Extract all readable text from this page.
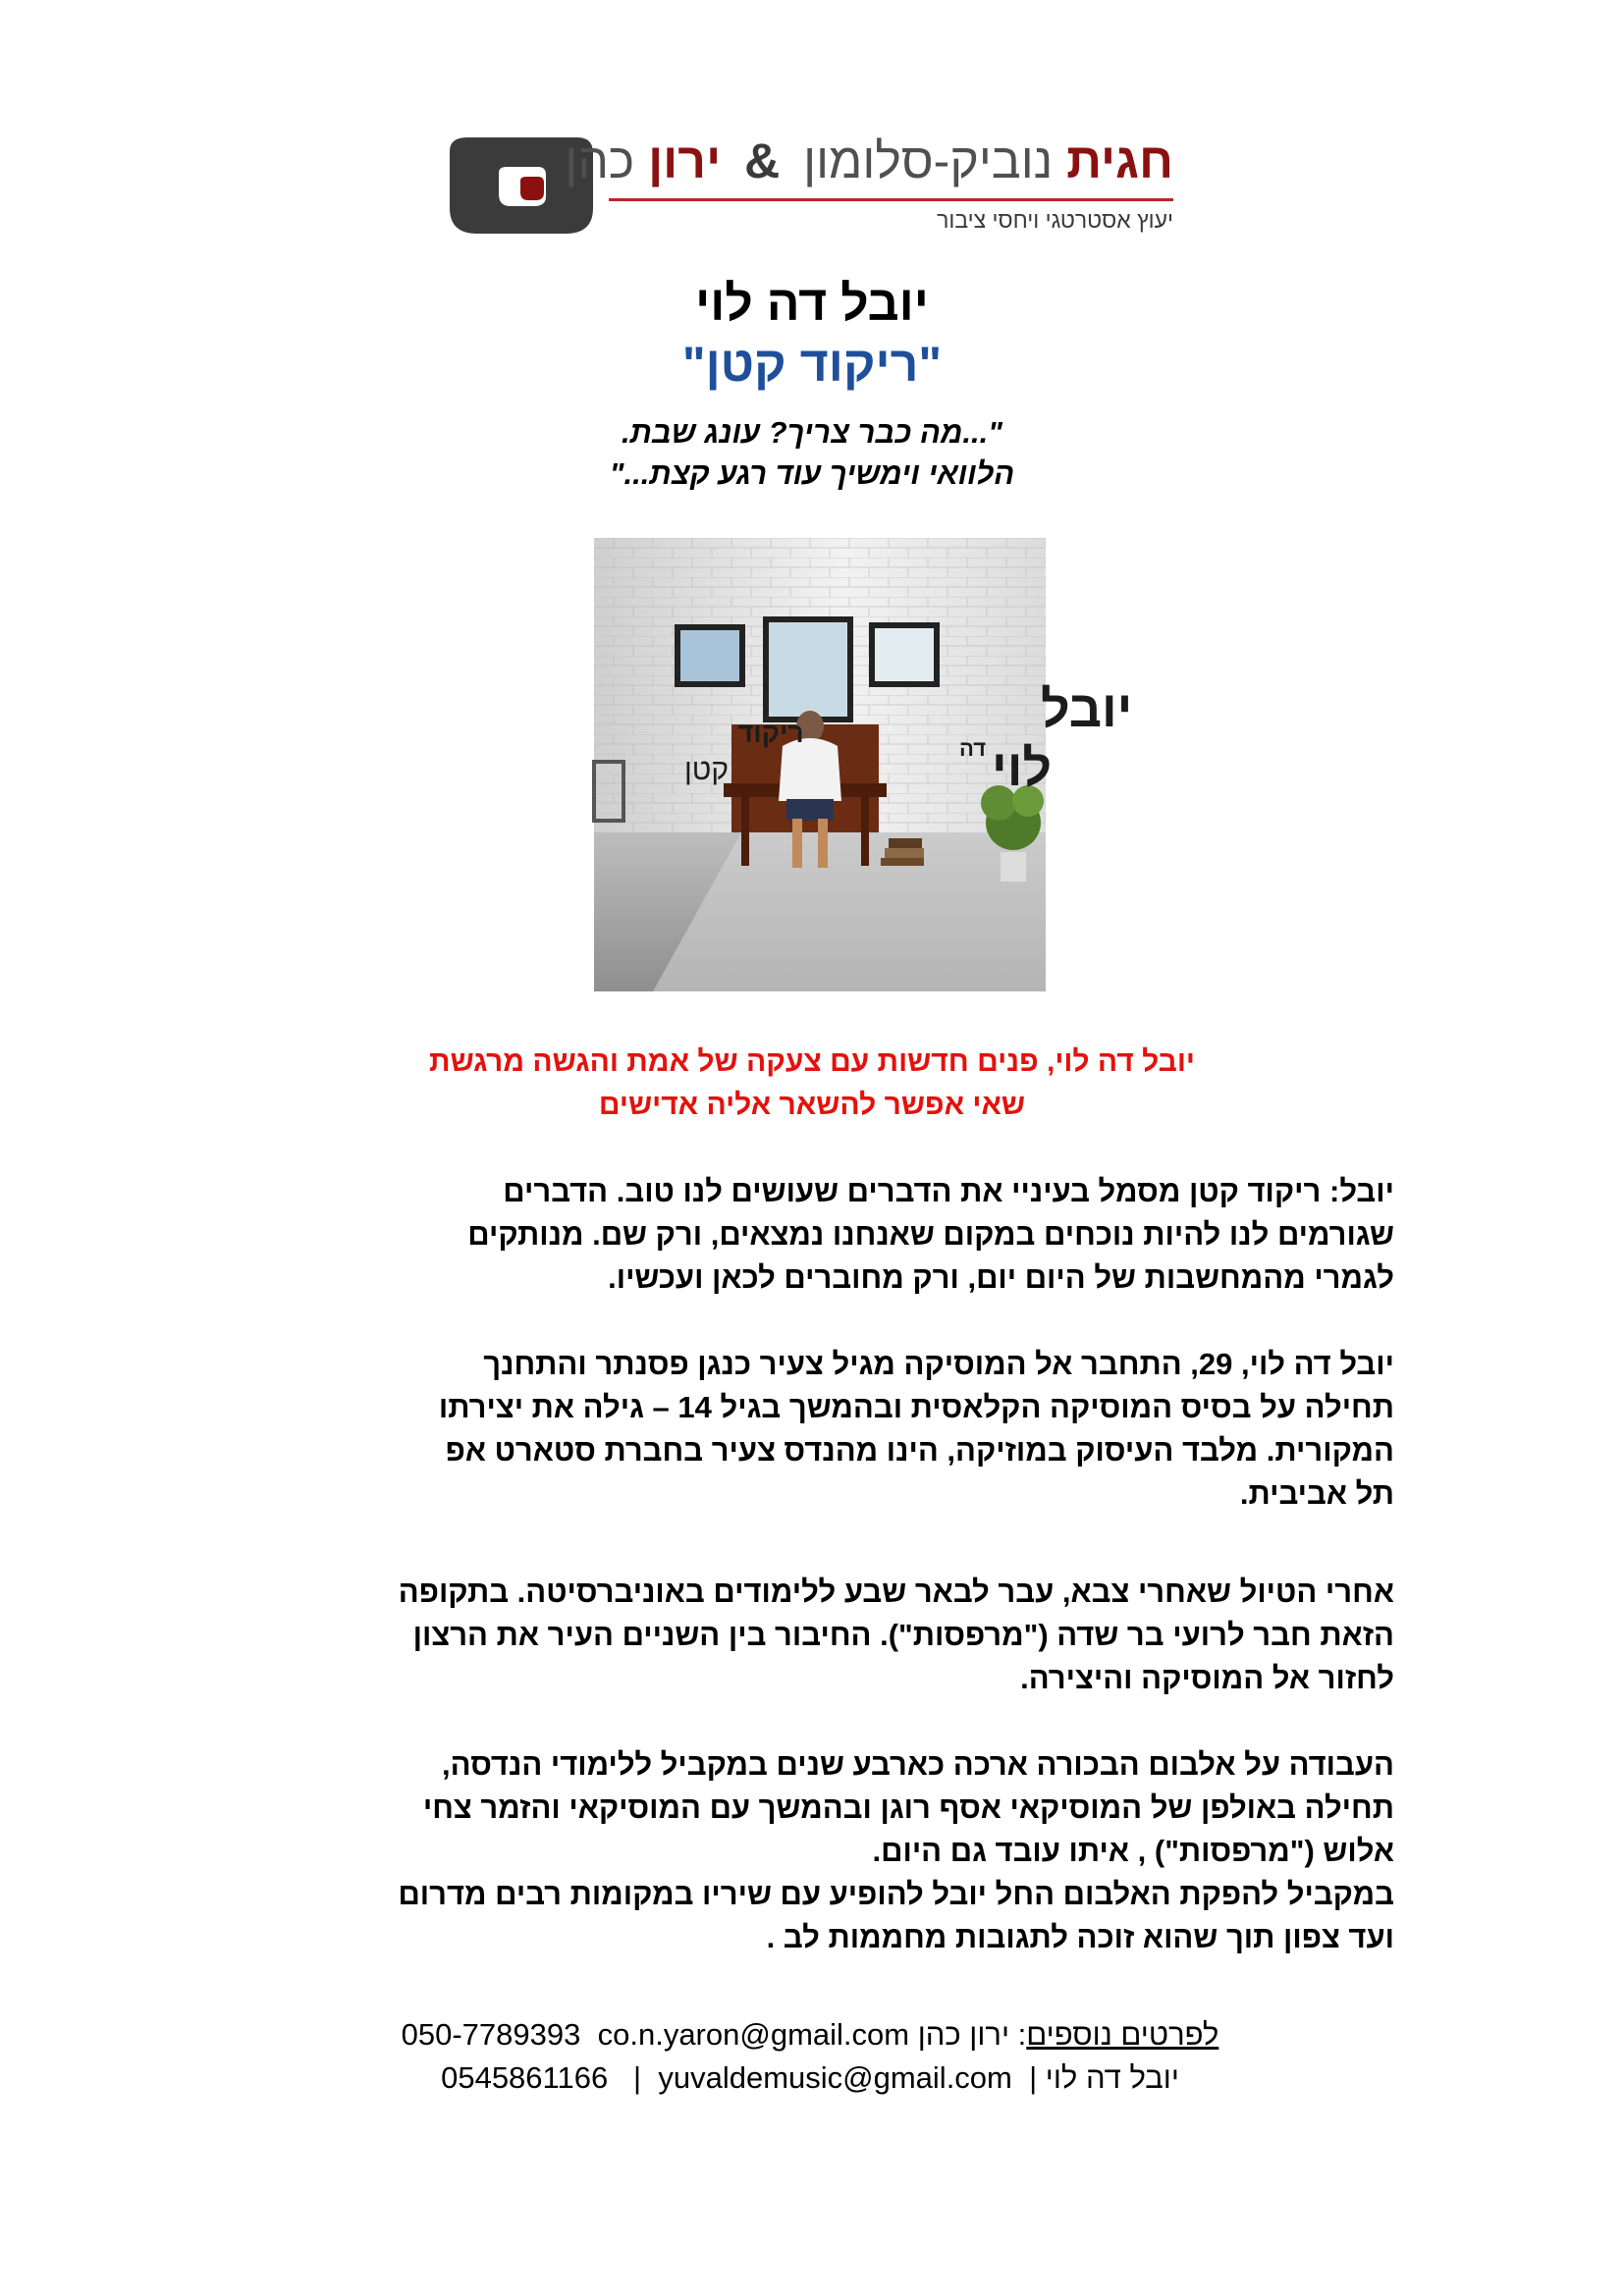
חגית נוביק-סלומון & ירון כהן
יעוץ אסטרטגי ויחסי ציבור
יובל דה לוי
"ריקוד קטן"
"...מה כבר צריך? עונג שבת.
הלוואי וימשיך עוד רגע קצת..."
יובל
דה לוי
ריקוד
קטן
יובל דה לוי, פנים חדשות עם צעקה של אמת והגשה מרגשת
שאי אפשר להשאר אליה אדישים
יובל: ריקוד קטן מסמל בעיניי את הדברים שעושים לנו טוב. הדברים
שגורמים לנו להיות נוכחים במקום שאנחנו נמצאים, ורק שם. מנותקים
לגמרי מהמחשבות של היום יום, ורק מחוברים לכאן ועכשיו.
יובל דה לוי, 29, התחבר אל המוסיקה מגיל צעיר כנגן פסנתר והתחנך
תחילה על בסיס המוסיקה הקלאסית ובהמשך בגיל 14 – גילה את יצירתו
המקורית. מלבד העיסוק במוזיקה, הינו מהנדס צעיר בחברת סטארט אפ
תל אביבית.
אחרי הטיול שאחרי צבא, עבר לבאר שבע ללימודים באוניברסיטה. בתקופה
הזאת חבר לרועי בר שדה ("מרפסות"). החיבור בין השניים העיר את הרצון
לחזור אל המוסיקה והיצירה.
העבודה על אלבום הבכורה ארכה כארבע שנים במקביל ללימודי הנדסה,
תחילה באולפן של המוסיקאי אסף רוגן ובהמשך עם המוסיקאי והזמר צחי
אלוש ("מרפסות") , איתו עובד גם היום.
במקביל להפקת האלבום החל יובל להופיע עם שיריו במקומות רבים מדרום
ועד צפון תוך שהוא זוכה לתגובות מחממות לב .
לפרטים נוספים: ירון כהן co.n.yaron@gmail.com  050-7789393
יובל דה לוי |  yuvaldemusic@gmail.com  |   0545861166
